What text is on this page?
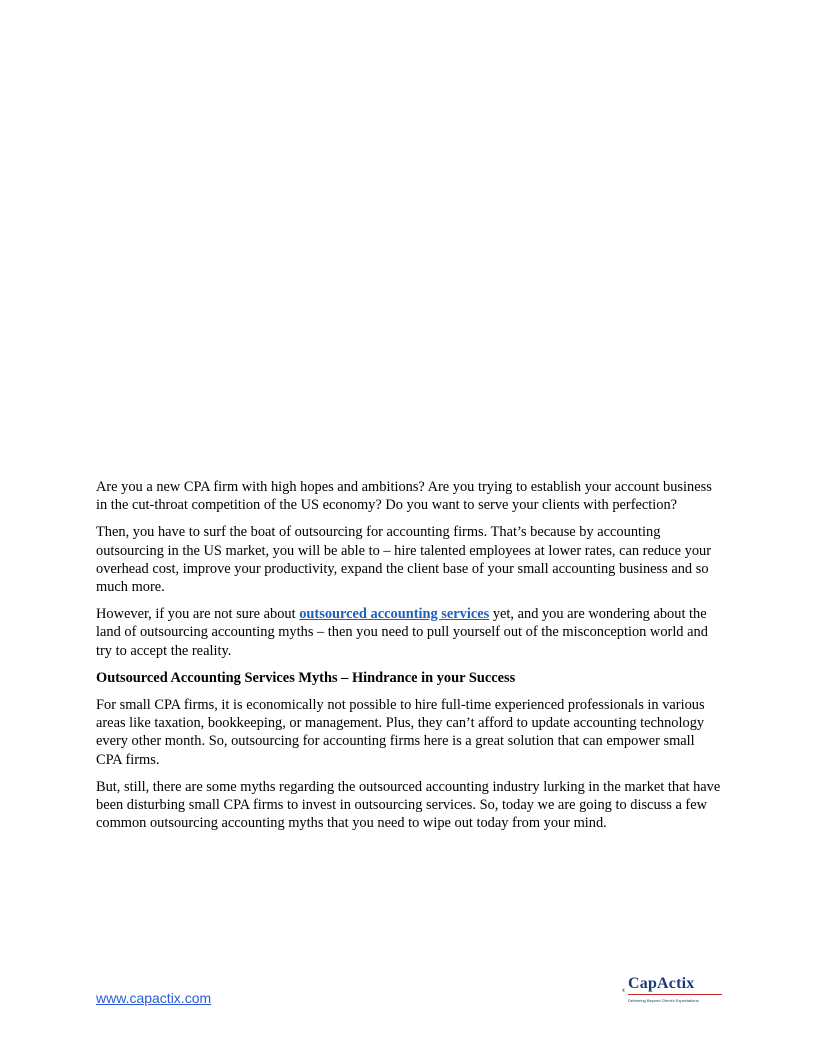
Are you a new CPA firm with high hopes and ambitions? Are you trying to establish your account business in the cut-throat competition of the US economy? Do you want to serve your clients with perfection?

Then, you have to surf the boat of outsourcing for accounting firms. That’s because by accounting outsourcing in the US market, you will be able to – hire talented employees at lower rates, can reduce your overhead cost, improve your productivity, expand the client base of your small accounting business and so much more.

However, if you are not sure about outsourced accounting services yet, and you are wondering about the land of outsourcing accounting myths – then you need to pull yourself out of the misconception world and try to accept the reality.

Outsourced Accounting Services Myths – Hindrance in your Success

For small CPA firms, it is economically not possible to hire full-time experienced professionals in various areas like taxation, bookkeeping, or management. Plus, they can’t afford to update accounting technology every other month. So, outsourcing for accounting firms here is a great solution that can empower small CPA firms.

But, still, there are some myths regarding the outsourced accounting industry lurking in the market that have been disturbing small CPA firms to invest in outsourcing services. So, today we are going to discuss a few common outsourcing accounting myths that you need to wipe out today from your mind.

www.capactix.com
CapActix
Delivering Beyond Client's Expectations
